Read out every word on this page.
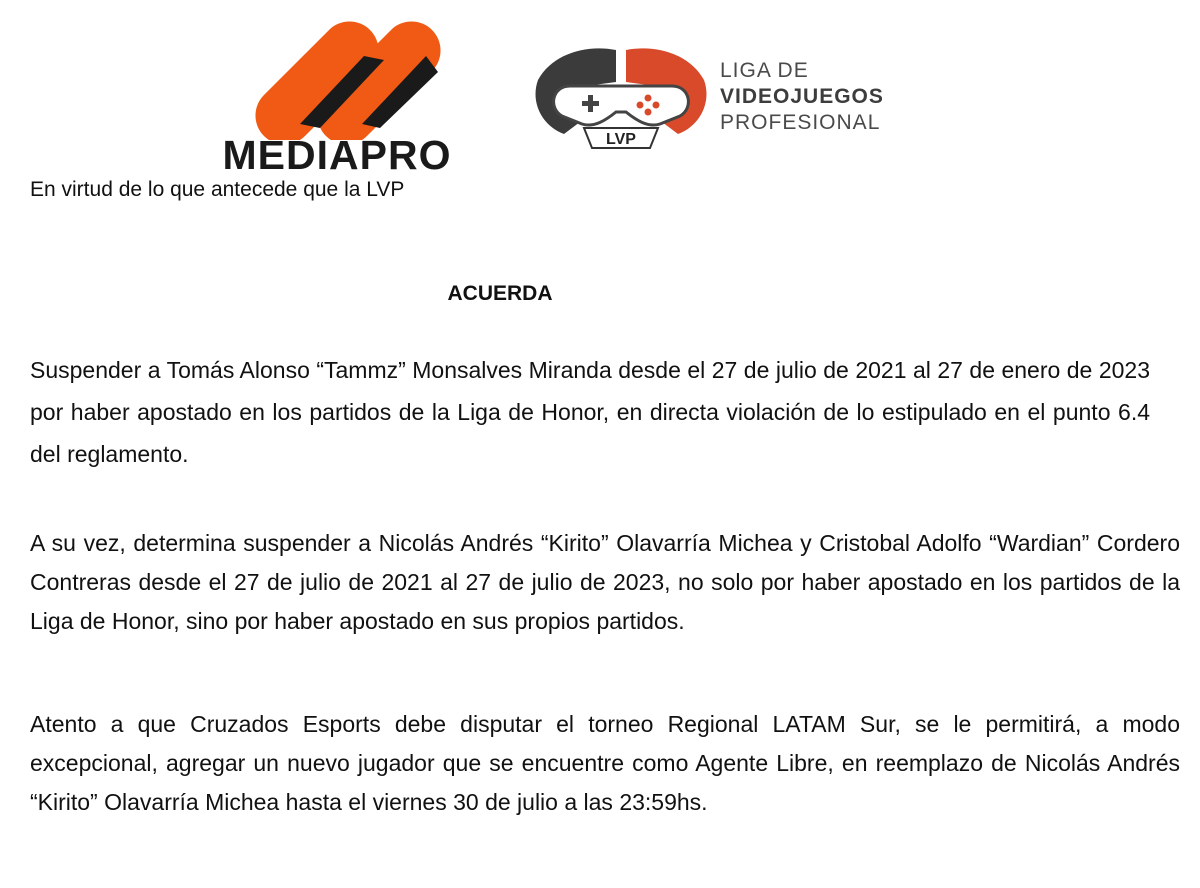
MEDIAPRO	LVP
LIGA DE
VIDEOJUEGOS
PROFESIONAL
En virtud de lo que antecede que la LVP
ACUERDA

Suspender a Tomás Alonso “Tammz” Monsalves Miranda desde el 27 de julio de 2021 al 27 de enero de 2023 por haber apostado en los partidos de la Liga de Honor, en directa violación de lo estipulado en el punto 6.4 del reglamento.

A su vez, determina suspender a Nicolás Andrés “Kirito” Olavarría Michea y Cristobal Adolfo “Wardian” Cordero Contreras desde el 27 de julio de 2021 al 27 de julio de 2023, no solo por haber apostado en los partidos de la Liga de Honor, sino por haber apostado en sus propios partidos.

Atento a que Cruzados Esports debe disputar el torneo Regional LATAM Sur, se le permitirá, a modo excepcional, agregar un nuevo jugador que se encuentre como Agente Libre, en reemplazo de Nicolás Andrés “Kirito” Olavarría Michea hasta el viernes 30 de julio a las 23:59hs.
